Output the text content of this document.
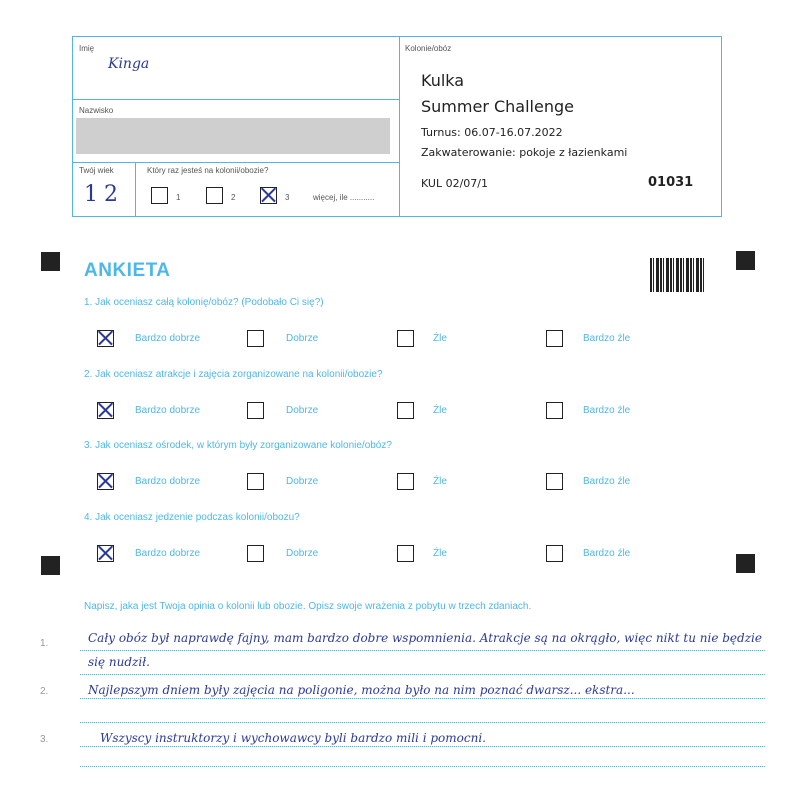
Imię
Kinga
Nazwisko
Twój wiek
12
Który raz jesteś na kolonii/obozie?
1	2	3	więcej, ile ...........
Kolonie/obóz
Kulka
Summer Challenge
Turnus: 06.07-16.07.2022
Zakwaterowanie: pokoje z łazienkami
KUL 02/07/1	01031
ANKIETA
1. Jak oceniasz całą kolonię/obóz? (Podobało Ci się?)
Bardzo dobrze	Dobrze	Źle	Bardzo źle
2. Jak oceniasz atrakcje i zajęcia zorganizowane na kolonii/obozie?
Bardzo dobrze	Dobrze	Źle	Bardzo źle
3. Jak oceniasz ośrodek, w którym były zorganizowane kolonie/obóz?
Bardzo dobrze	Dobrze	Źle	Bardzo źle
4. Jak oceniasz jedzenie podczas kolonii/obozu?
Bardzo dobrze	Dobrze	Źle	Bardzo źle
Napisz, jaka jest Twoja opinia o kolonii lub obozie. Opisz swoje wrażenia z pobytu w trzech zdaniach.
1.
2.
3.
Cały obóz był naprawdę fajny, mam bardzo dobre wspomnienia. Atrakcje są na okrągło, więc nikt tu nie będzie się nudził.
Najlepszym dniem były zajęcia na poligonie, można było na nim poznać dwarsz... ekstra...
Wszyscy instruktorzy i wychowawcy byli bardzo mili i pomocni.
